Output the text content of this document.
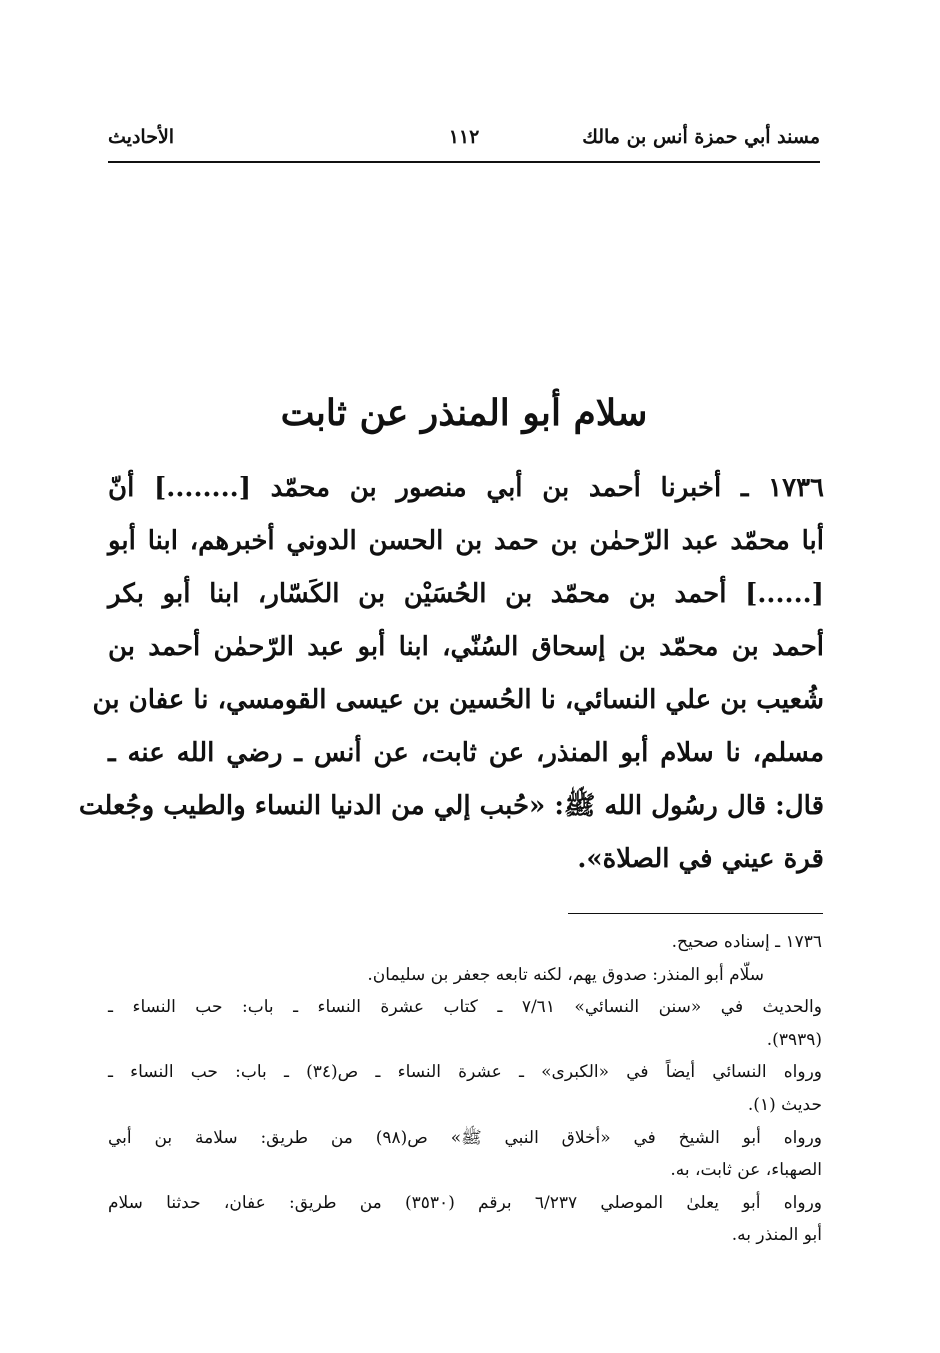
مسند أبي حمزة أنس بن مالك
١١٢
الأحاديث
سلام أبو المنذر عن ثابت
١٧٣٦ ـ أخبرنا أحمد بن أبي منصور بن محمّد [........] أنّ
أبا محمّد عبد الرّحمٰن بن حمد بن الحسن الدوني أخبرهم، ابنا أبو
[......] أحمد بن محمّد بن الحُسَيْن بن الكَسّار، ابنا أبو بكر
أحمد بن محمّد بن إسحاق السُنّي، ابنا أبو عبد الرّحمٰن أحمد بن
شُعيب بن علي النسائي، نا الحُسين بن عيسى القومسي، نا عفان بن
مسلم، نا سلام أبو المنذر، عن ثابت، عن أنس ـ رضي الله عنه ـ
قال: قال رسُول الله ﷺ: «حُبب إلي من الدنيا النساء والطيب وجُعلت
قرة عيني في الصلاة».
١٧٣٦ ـ إسناده صحيح.
سلّام أبو المنذر: صدوق يهم، لكنه تابعه جعفر بن سليمان.
والحديث في «سنن النسائي» ٧/٦١ ـ كتاب عشرة النساء ـ باب: حب النساء ـ
(٣٩٣٩).
ورواه النسائي أيضاً في «الكبرى» ـ عشرة النساء ـ ص(٣٤) ـ باب: حب النساء ـ
حديث (١).
ورواه أبو الشيخ في «أخلاق النبي ﷺ» ص(٩٨) من طريق: سلامة بن أبي
الصهباء، عن ثابت، به.
ورواه أبو يعلىٰ الموصلي ٦/٢٣٧ برقم (٣٥٣٠) من طريق: عفان، حدثنا سلام
أبو المنذر به.
